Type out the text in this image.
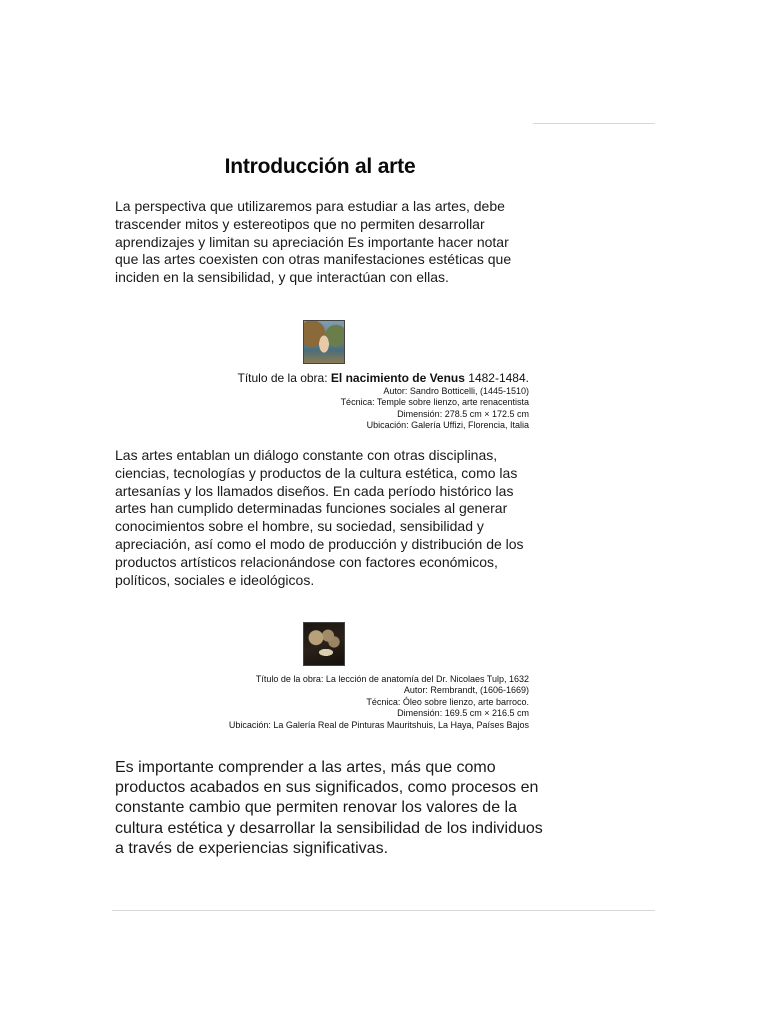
Introducción al arte

La perspectiva que utilizaremos para estudiar a las artes, debe trascender mitos y estereotipos que no permiten desarrollar aprendizajes y limitan su apreciación Es importante hacer notar que las artes coexisten con otras manifestaciones estéticas que inciden en la sensibilidad, y que interactúan con ellas.

Título de la obra: El nacimiento de Venus 1482-1484.
Autor: Sandro Botticelli, (1445-1510)
Técnica: Temple sobre lienzo, arte renacentista
Dimensión: 278.5 cm × 172.5 cm
Ubicación: Galería Uffizi, Florencia, Italia

Las artes entablan un diálogo constante con otras disciplinas, ciencias, tecnologías y productos de la cultura estética, como las artesanías y los llamados diseños. En cada período histórico las artes han cumplido determinadas funciones sociales al generar conocimientos sobre el hombre, su sociedad, sensibilidad y apreciación, así como el modo de producción y distribución de los productos artísticos relacionándose con factores económicos, políticos, sociales e ideológicos.

Título de la obra: La lección de anatomía del Dr. Nicolaes Tulp, 1632
Autor: Rembrandt, (1606-1669)
Técnica: Óleo sobre lienzo, arte barroco.
Dimensión: 169.5 cm × 216.5 cm
Ubicación: La Galería Real de Pinturas Mauritshuis, La Haya, Países Bajos

Es importante comprender a las artes, más que como productos acabados en sus significados, como procesos en constante cambio que permiten renovar los valores de la cultura estética y desarrollar la sensibilidad de los individuos a través de experiencias significativas.
